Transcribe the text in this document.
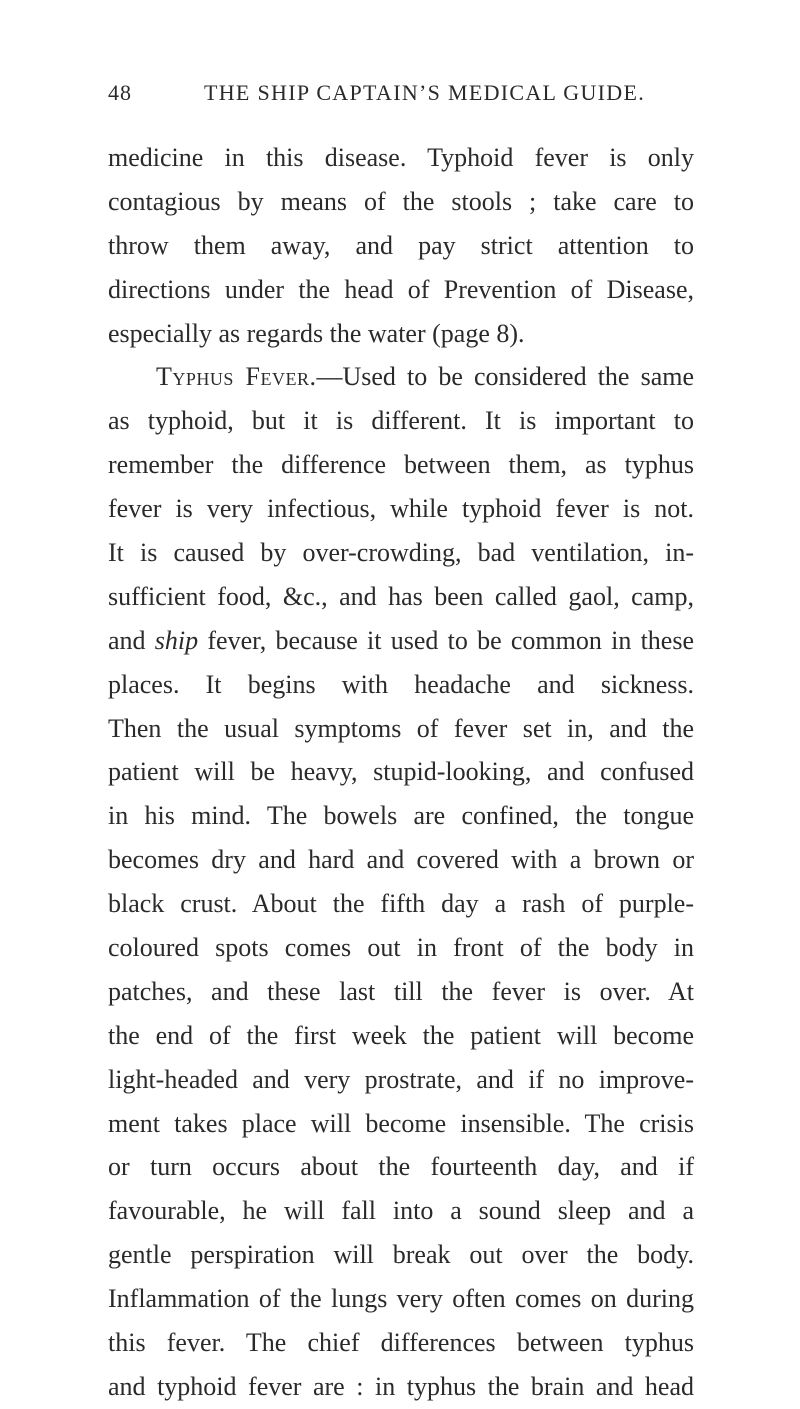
48	THE SHIP CAPTAIN’S MEDICAL GUIDE.
medicine in this disease. Typhoid fever is only
contagious by means of the stools ; take care to
throw them away, and pay strict attention to
directions under the head of Prevention of Disease,
especially as regards the water (page 8).
Typhus Fever.—Used to be considered the same
as typhoid, but it is different. It is important to
remember the difference between them, as typhus
fever is very infectious, while typhoid fever is not.
It is caused by over-crowding, bad ventilation, in-
sufficient food, &c., and has been called gaol, camp,
and ship fever, because it used to be common in these
places. It begins with headache and sickness.
Then the usual symptoms of fever set in, and the
patient will be heavy, stupid-looking, and confused
in his mind. The bowels are confined, the tongue
becomes dry and hard and covered with a brown or
black crust. About the fifth day a rash of purple-
coloured spots comes out in front of the body in
patches, and these last till the fever is over. At
the end of the first week the patient will become
light-headed and very prostrate, and if no improve-
ment takes place will become insensible. The crisis
or turn occurs about the fourteenth day, and if
favourable, he will fall into a sound sleep and a
gentle perspiration will break out over the body.
Inflammation of the lungs very often comes on during
this fever. The chief differences between typhus
and typhoid fever are : in typhus the brain and head
